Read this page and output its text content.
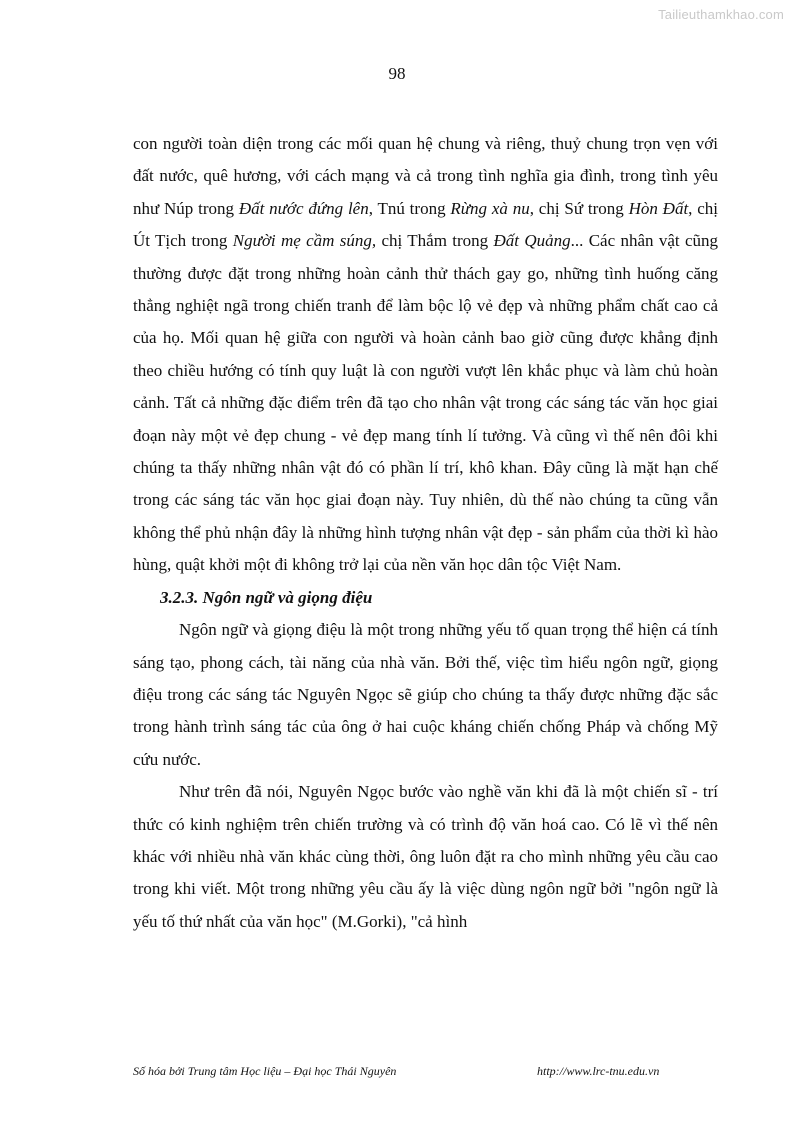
Tailieuthamkhao.com
98

con người toàn diện trong các mối quan hệ chung và riêng, thuỷ chung trọn vẹn với đất nước, quê hương, với cách mạng và cả trong tình nghĩa gia đình, trong tình yêu như Núp trong Đất nước đứng lên, Tnú trong Rừng xà nu, chị Sứ trong Hòn Đất, chị Út Tịch trong Người mẹ cầm súng, chị Thắm trong Đất Quảng... Các nhân vật cũng thường được đặt trong những hoàn cảnh thử thách gay go, những tình huống căng thẳng nghiệt ngã trong chiến tranh để làm bộc lộ vẻ đẹp và những phẩm chất cao cả của họ. Mối quan hệ giữa con người và hoàn cảnh bao giờ cũng được khẳng định theo chiều hướng có tính quy luật là con người vượt lên khắc phục và làm chủ hoàn cảnh. Tất cả những đặc điểm trên đã tạo cho nhân vật trong các sáng tác văn học giai đoạn này một vẻ đẹp chung - vẻ đẹp mang tính lí tưởng. Và cũng vì thế nên đôi khi chúng ta thấy những nhân vật đó có phần lí trí, khô khan. Đây cũng là mặt hạn chế trong các sáng tác văn học giai đoạn này. Tuy nhiên, dù thế nào chúng ta cũng vẫn không thể phủ nhận đây là những hình tượng nhân vật đẹp - sản phẩm của thời kì hào hùng, quật khởi một đi không trở lại của nền văn học dân tộc Việt Nam.

3.2.3. Ngôn ngữ và giọng điệu

Ngôn ngữ và giọng điệu là một trong những yếu tố quan trọng thể hiện cá tính sáng tạo, phong cách, tài năng của nhà văn. Bởi thế, việc tìm hiểu ngôn ngữ, giọng điệu trong các sáng tác Nguyên Ngọc sẽ giúp cho chúng ta thấy được những đặc sắc trong hành trình sáng tác của ông ở hai cuộc kháng chiến chống Pháp và chống Mỹ cứu nước.

Như trên đã nói, Nguyên Ngọc bước vào nghề văn khi đã là một chiến sĩ - trí thức có kinh nghiệm trên chiến trường và có trình độ văn hoá cao. Có lẽ vì thế nên khác với nhiều nhà văn khác cùng thời, ông luôn đặt ra cho mình những yêu cầu cao trong khi viết. Một trong những yêu cầu ấy là việc dùng ngôn ngữ bởi "ngôn ngữ là yếu tố thứ nhất của văn học" (M.Gorki), "cả hình

Số hóa bởi Trung tâm Học liệu – Đại học Thái Nguyên	http://www.lrc-tnu.edu.vn
